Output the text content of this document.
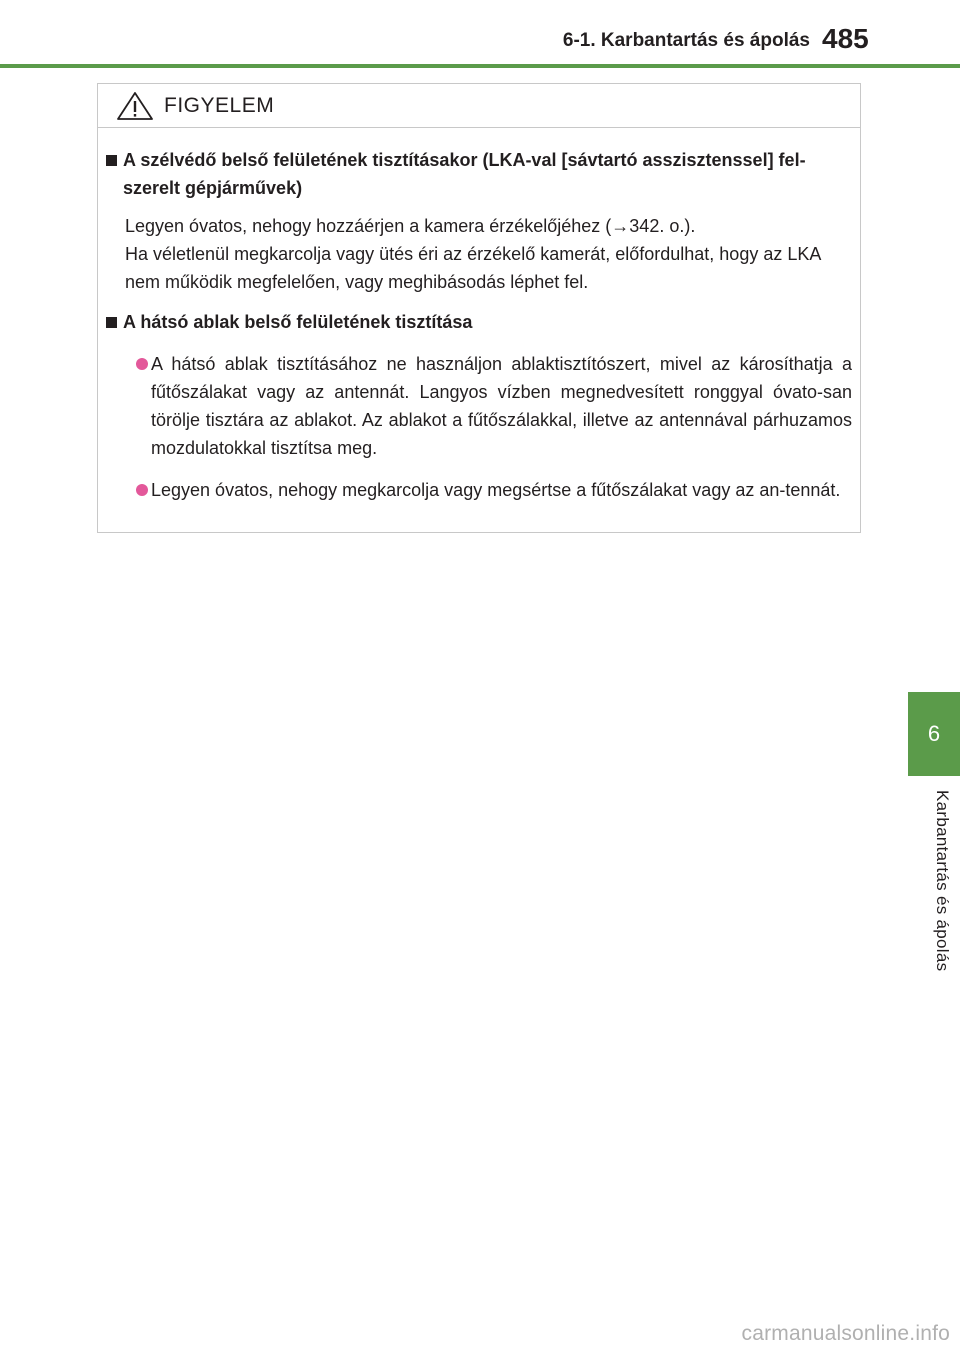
6-1. Karbantartás és ápolás 485
FIGYELEM
A szélvédő belső felületének tisztításakor (LKA-val [sávtartó asszisztenssel] fel-szerelt gépjárművek)
Legyen óvatos, nehogy hozzáérjen a kamera érzékelőjéhez (→342. o.).
Ha véletlenül megkarcolja vagy ütés éri az érzékelő kamerát, előfordulhat, hogy az LKA nem működik megfelelően, vagy meghibásodás léphet fel.
A hátsó ablak belső felületének tisztítása
A hátsó ablak tisztításához ne használjon ablaktisztítószert, mivel az károsíthatja a fűtőszálakat vagy az antennát. Langyos vízben megnedvesített ronggyal óvato-san törölje tisztára az ablakot. Az ablakot a fűtőszálakkal, illetve az antennával párhuzamos mozdulatokkal tisztítsa meg.
Legyen óvatos, nehogy megkarcolja vagy megsértse a fűtőszálakat vagy az an-tennát.
6
Karbantartás és ápolás
carmanualsonline.info
